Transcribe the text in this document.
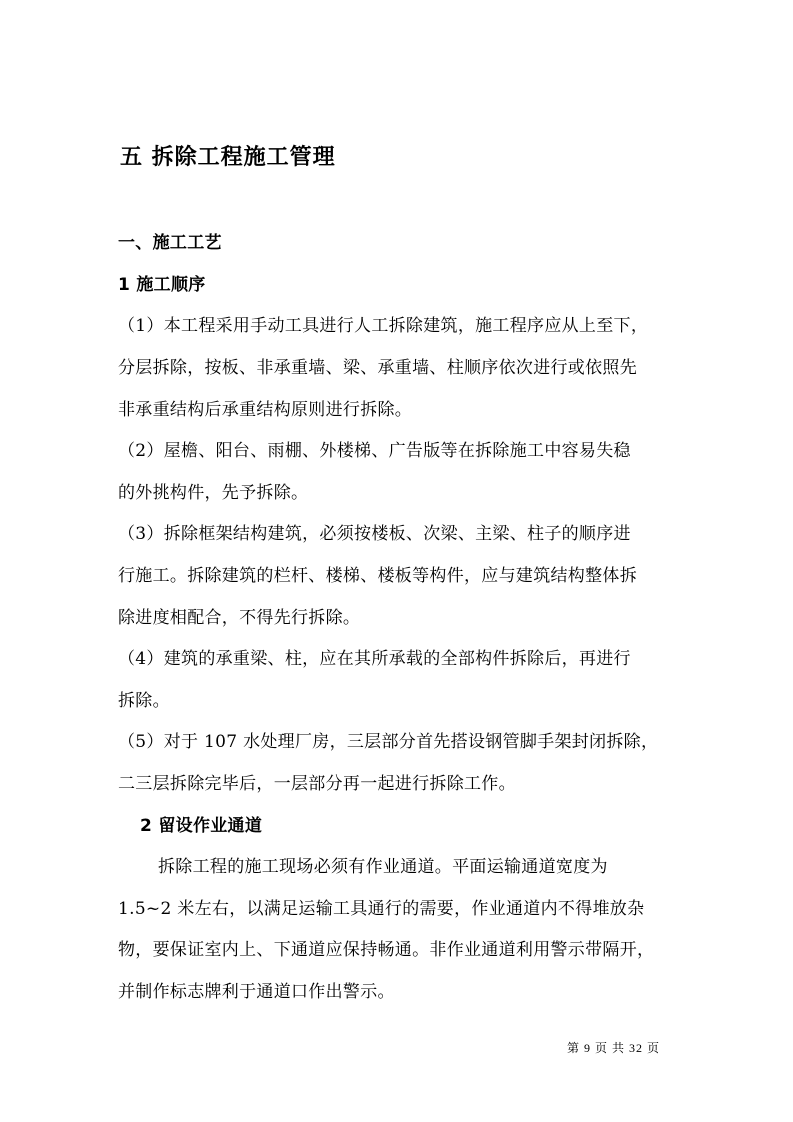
五 拆除工程施工管理

一、施工工艺

1 施工顺序

（1）本工程采用手动工具进行人工拆除建筑，施工程序应从上至下，

分层拆除，按板、非承重墙、梁、承重墙、柱顺序依次进行或依照先

非承重结构后承重结构原则进行拆除。

（2）屋檐、阳台、雨棚、外楼梯、广告版等在拆除施工中容易失稳

的外挑构件，先予拆除。

（3）拆除框架结构建筑，必须按楼板、次梁、主梁、柱子的顺序进

行施工。拆除建筑的栏杆、楼梯、楼板等构件，应与建筑结构整体拆

除进度相配合，不得先行拆除。

（4）建筑的承重梁、柱，应在其所承载的全部构件拆除后，再进行

拆除。

（5）对于 107 水处理厂房，三层部分首先搭设钢管脚手架封闭拆除，

二三层拆除完毕后，一层部分再一起进行拆除工作。

2 留设作业通道

拆除工程的施工现场必须有作业通道。平面运输通道宽度为

1.5~2 米左右，以满足运输工具通行的需要，作业通道内不得堆放杂

物，要保证室内上、下通道应保持畅通。非作业通道利用警示带隔开，

并制作标志牌利于通道口作出警示。

第 9 页 共 32 页
